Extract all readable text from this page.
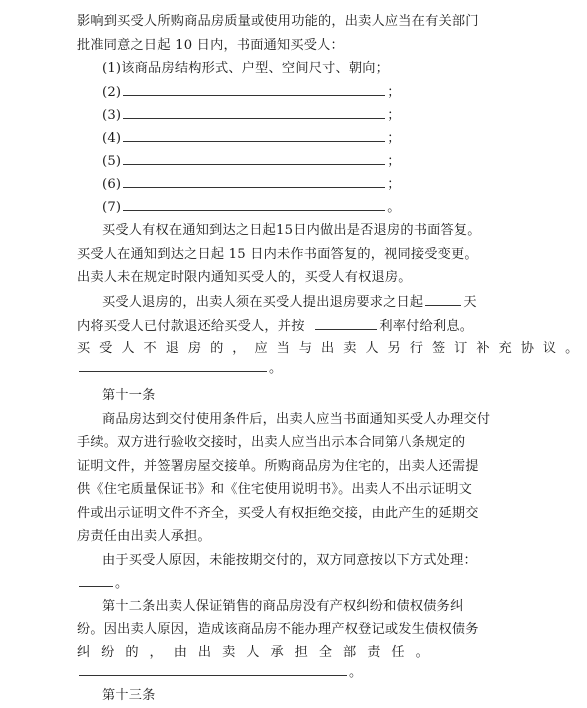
影响到买受人所购商品房质量或使用功能的，出卖人应当在有关部门
批准同意之日起 10 日内，书面通知买受人：
(1)该商品房结构形式、户型、空间尺寸、朝向；
(2)	；
(3)	；
(4)	；
(5)	；
(6)	；
(7)	。
买受人有权在通知到达之日起15日内做出是否退房的书面答复。
买受人在通知到达之日起 15 日内未作书面答复的，视同接受变更。
出卖人未在规定时限内通知买受人的，买受人有权退房。
买受人退房的，出卖人须在买受人提出退房要求之日起	天
内将买受人已付款退还给买受人，并按	利率付给利息。
买受人不退房的，应当与出卖人另行签订补充协议。
。
第十一条
商品房达到交付使用条件后，出卖人应当书面通知买受人办理交付
手续。双方进行验收交接时，出卖人应当出示本合同第八条规定的
证明文件，并签署房屋交接单。所购商品房为住宅的，出卖人还需提
供《住宅质量保证书》和《住宅使用说明书》。出卖人不出示证明文
件或出示证明文件不齐全，买受人有权拒绝交接，由此产生的延期交
房责任由出卖人承担。
由于买受人原因，未能按期交付的，双方同意按以下方式处理：
。
第十二条出卖人保证销售的商品房没有产权纠纷和债权债务纠
纷。因出卖人原因，造成该商品房不能办理产权登记或发生债权债务
纠纷的，由出卖人承担全部责任。
。
第十三条
